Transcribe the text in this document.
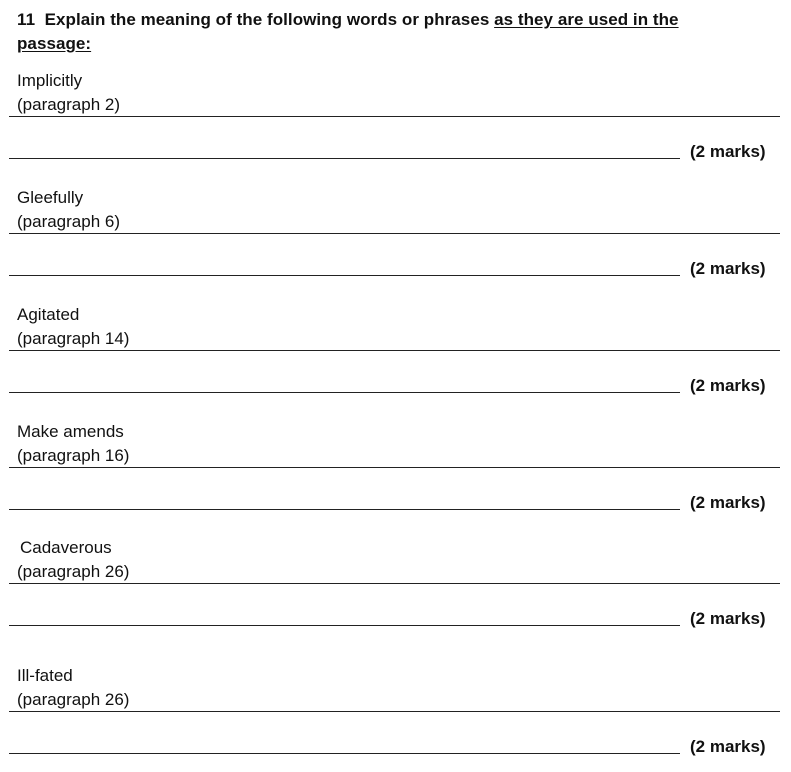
11 Explain the meaning of the following words or phrases as they are used in the passage:
Implicitly
(paragraph 2)
(2 marks)
Gleefully
(paragraph 6)
(2 marks)
Agitated
(paragraph 14)
(2 marks)
Make amends
(paragraph 16)
(2 marks)
Cadaverous
(paragraph 26)
(2 marks)
Ill-fated
(paragraph 26)
(2 marks)
